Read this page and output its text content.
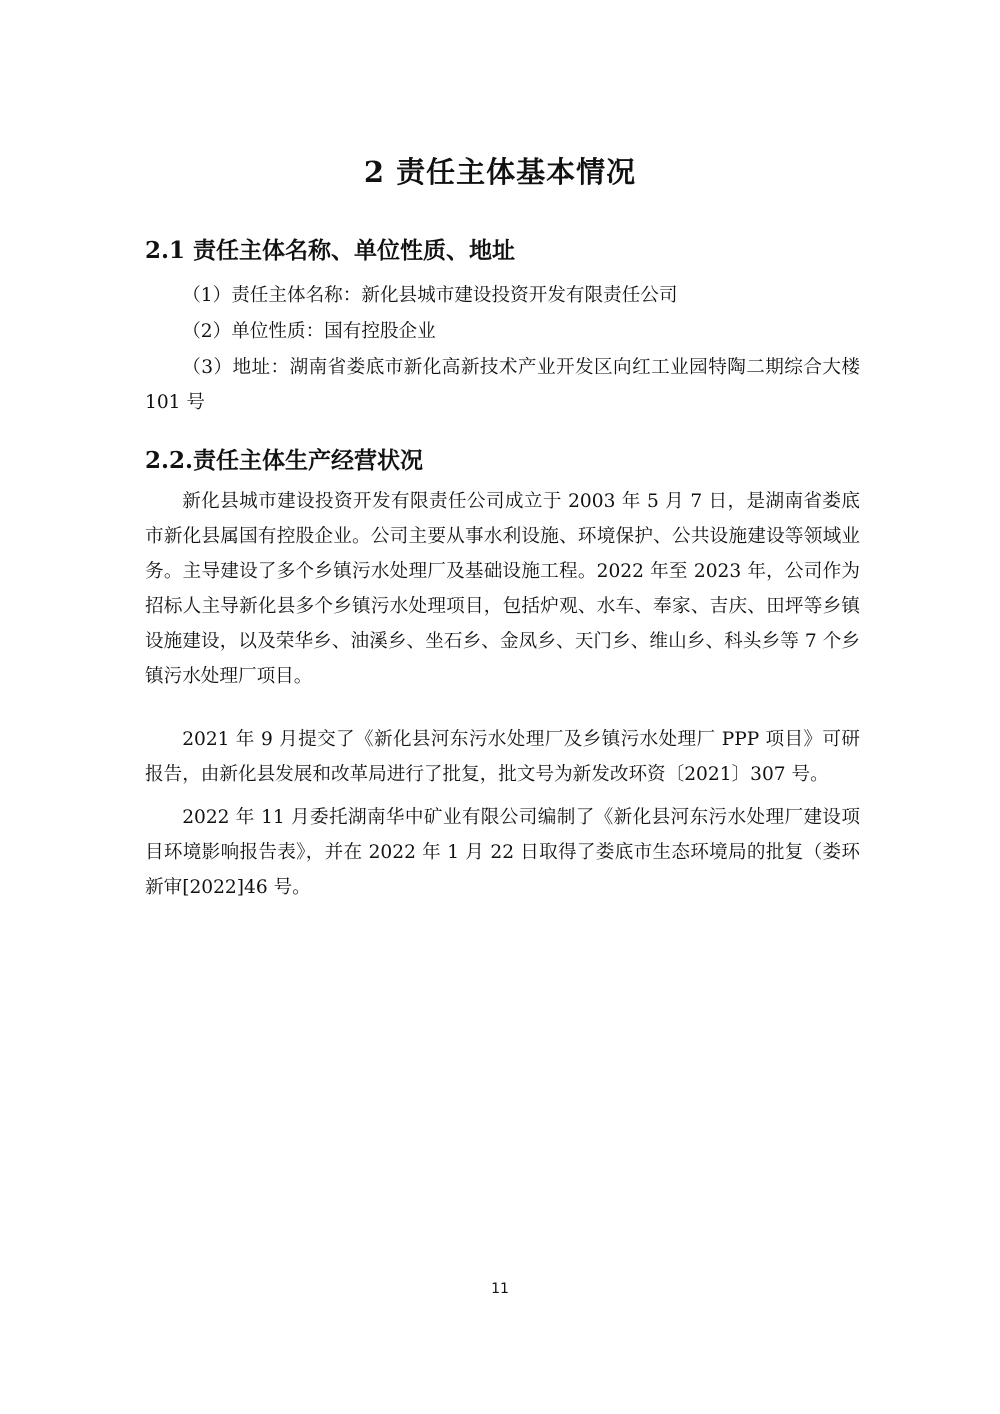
2 责任主体基本情况
2.1 责任主体名称、单位性质、地址

（1）责任主体名称：新化县城市建设投资开发有限责任公司

（2）单位性质：国有控股企业

（3）地址：湖南省娄底市新化高新技术产业开发区向红工业园特陶二期综合大楼 101 号

2.2.责任主体生产经营状况

新化县城市建设投资开发有限责任公司成立于 2003 年 5 月 7 日，是湖南省娄底市新化县属国有控股企业。公司主要从事水利设施、环境保护、公共设施建设等领域业务。主导建设了多个乡镇污水处理厂及基础设施工程。2022 年至 2023 年，公司作为招标人主导新化县多个乡镇污水处理项目，包括炉观、水车、奉家、吉庆、田坪等乡镇设施建设，以及荣华乡、油溪乡、坐石乡、金凤乡、天门乡、维山乡、科头乡等 7 个乡镇污水处理厂项目。

2021 年 9 月提交了《新化县河东污水处理厂及乡镇污水处理厂 PPP 项目》可研报告，由新化县发展和改革局进行了批复，批文号为新发改环资〔2021〕307 号。

2022 年 11 月委托湖南华中矿业有限公司编制了《新化县河东污水处理厂建设项目环境影响报告表》，并在 2022 年 1 月 22 日取得了娄底市生态环境局的批复（娄环新审[2022]46 号。

11
